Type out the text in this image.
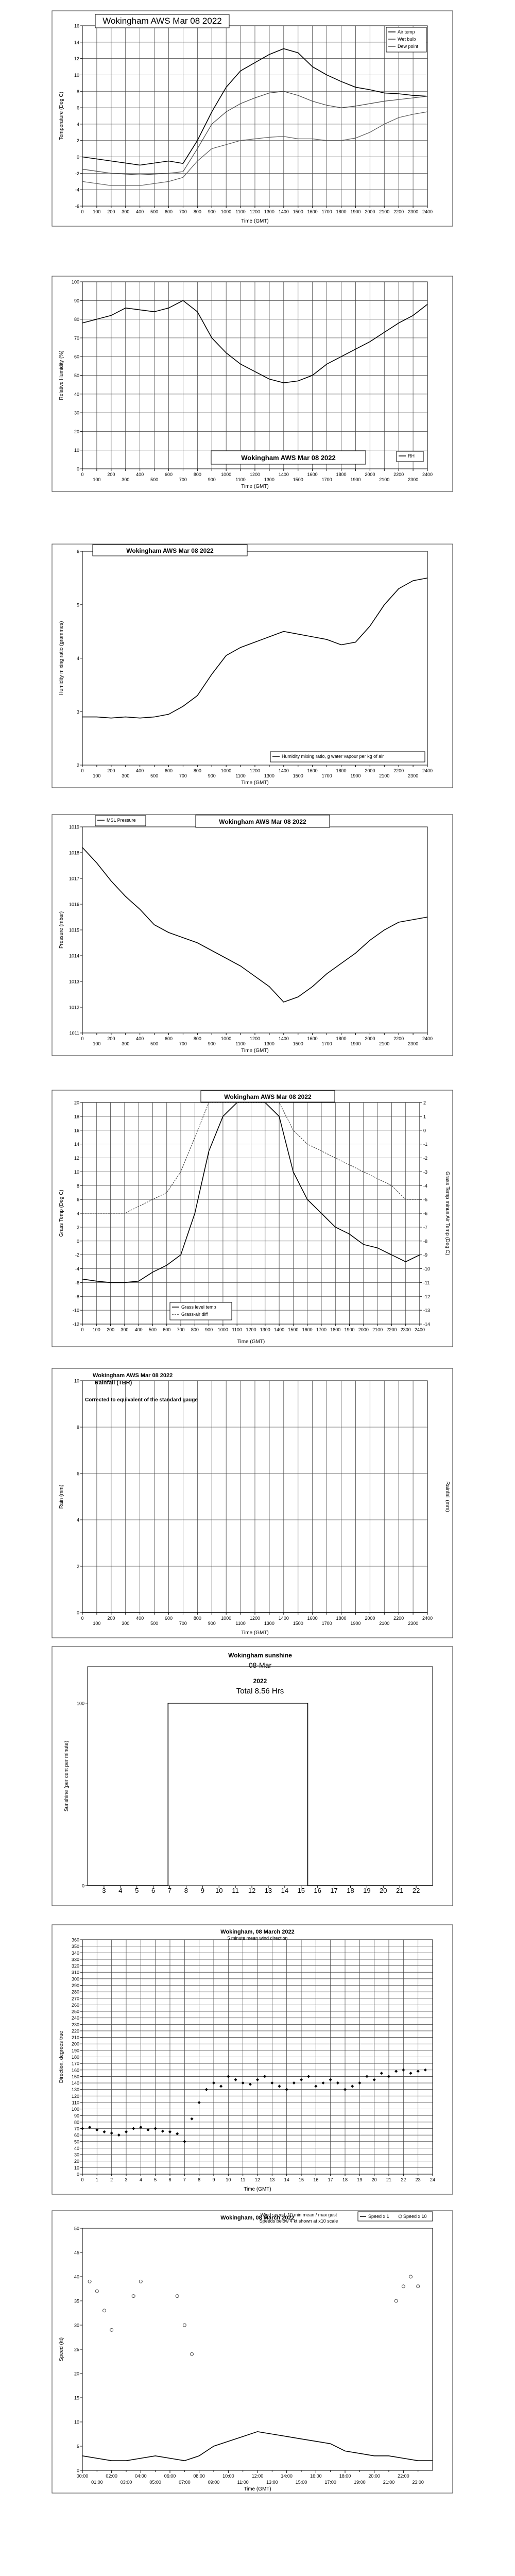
-6
-4
-2
0
2
4
6
8
10
12
14
16
0 100 200 300 400 500 600 700 800 900 1000 1100 1200 1300 1400 1500 1600 1700 1800 1900 2000 2100 2200 2300 2400
Time (GMT)
Temperature (Deg C)
Wokingham AWS Mar 08 2022
Air temp
Wet bulb
Dew point
0
10
20
30
40
50
60
70
80
90
100
0
100
200
300
400
500
600
700
800
900
1000
1100
1200
1300
1400
1500
1600
1700
1800
1900
2000
2100
2200
2300
2400
Time (GMT)
Relative Humidity (%)
Wokingham AWS Mar 08 2022	RH
2
3
4
5
6
0
100
200
300
400
500
600
700
800
900
1000
1100
1200
1300
1400
1500
1600
1700
1800
1900
2000
2100
2200
2300
2400
Time (GMT)
Humidity mixing ratio (grammes)
Wokingham AWS Mar 08 2022
Humidity mixing ratio, g water vapour per kg of air
1011
1012
1013
1014
1015
1016
1017
1018
1019
0
100
200
300
400
500
600
700
800
900
1000
1100
1200
1300
1400
1500
1600
1700
1800
1900
2000
2100
2200
2300
2400
Time (GMT)
Pressure (mbar)
Wokingham AWS Mar 08 2022
MSL Pressure
-12
-10
-8
-6
-4
-2
0
2
4
6
8
10
12
14
16
18
20
0 100 200 300 400 500 600 700 800 900 1000 1100 1200 1300 1400 1500 1600 1700 1800 1900 2000 2100 2200 2300 2400
-14
-13
-12
-11
-10
-9
-8
-7
-6
-5
-4
-3
-2
-1
0
1
2
Time (GMT)
Grass Temp (Deg C)	Grass Temp minus Air Temp (Deg C)
Wokingham AWS Mar 08 2022
Grass level temp
Grass-air diff
0
2
4
6
8
10
0
100
200
300
400
500
600
700
800
900
1000
1100
1200
1300
1400
1500
1600
1700
1800
1900
2000
2100
2200
2300
2400
Time (GMT)
Rain (mm)	Rainfall (mm)
Wokingham AWS Mar 08 2022
Rainfall (TBR)
Corrected to equivalent of the standard gauge
0
100
3 4 5 6 7 8 9 10 11 12 13 14 15 16 17 18 19 20 21 22
Sunshine (per cent per minute)
Wokingham sunshine
08-Mar
2022
Total 8.56 Hrs
0
10
20
30
40
50
60
70
80
90
100
110
120
130
140
150
160
170
180
190
200
210
220
230
240
250
260
270
280
290
300
310
320
330
340
350
360
0	1	2	3	4	5	6	7	8	9 10 11 12 13 14 15 16 17 18 19 20 21 22 23 24
Time (GMT)
Direction, degrees true
Wokingham, 08 March 2022
5 minute mean wind direction
0
5
10
15
20
25
30
35
40
45
50
00:00	02:00	04:00	06:00	08:00	10:00	12:00	14:00	16:00	18:00	20:00	22:00
01:00	03:00	05:00	07:00	09:00	11:00	13:00	15:00	17:00	19:00	21:00	23:00
Time (GMT)
Speed (kt)
Wokingham, 08 March 2022
Wind speed, 10 min mean / max gust
Speeds below 4 kt shown at x10 scale
Speed x 1	Speed x 10
